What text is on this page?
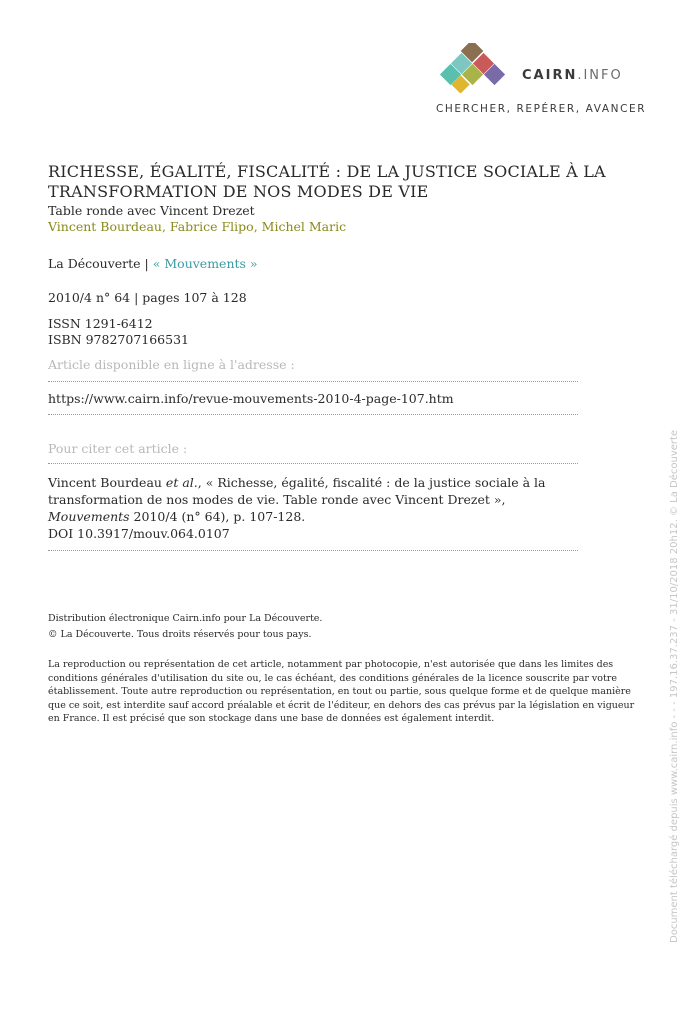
CAIRN.INFO
CHERCHER, REPÉRER, AVANCER
RICHESSE, ÉGALITÉ, FISCALITÉ : DE LA JUSTICE SOCIALE À LA TRANSFORMATION DE NOS MODES DE VIE
Table ronde avec Vincent Drezet
Vincent Bourdeau, Fabrice Flipo, Michel Maric
La Découverte | « Mouvements »
2010/4 n° 64 | pages 107 à 128
ISSN 1291-6412
ISBN 9782707166531
Article disponible en ligne à l'adresse :
https://www.cairn.info/revue-mouvements-2010-4-page-107.htm
Pour citer cet article :
Vincent Bourdeau et al., « Richesse, égalité, fiscalité : de la justice sociale à la transformation de nos modes de vie. Table ronde avec Vincent Drezet »,
Mouvements 2010/4 (n° 64), p. 107-128.
DOI 10.3917/mouv.064.0107
Distribution électronique Cairn.info pour La Découverte.
© La Découverte. Tous droits réservés pour tous pays.
La reproduction ou représentation de cet article, notamment par photocopie, n'est autorisée que dans les limites des conditions générales d'utilisation du site ou, le cas échéant, des conditions générales de la licence souscrite par votre établissement. Toute autre reproduction ou représentation, en tout ou partie, sous quelque forme et de quelque manière que ce soit, est interdite sauf accord préalable et écrit de l'éditeur, en dehors des cas prévus par la législation en vigueur en France. Il est précisé que son stockage dans une base de données est également interdit.	Document téléchargé depuis www.cairn.info - - - 197.16.37.237 - 31/10/2018 20h12. © La Découverte
